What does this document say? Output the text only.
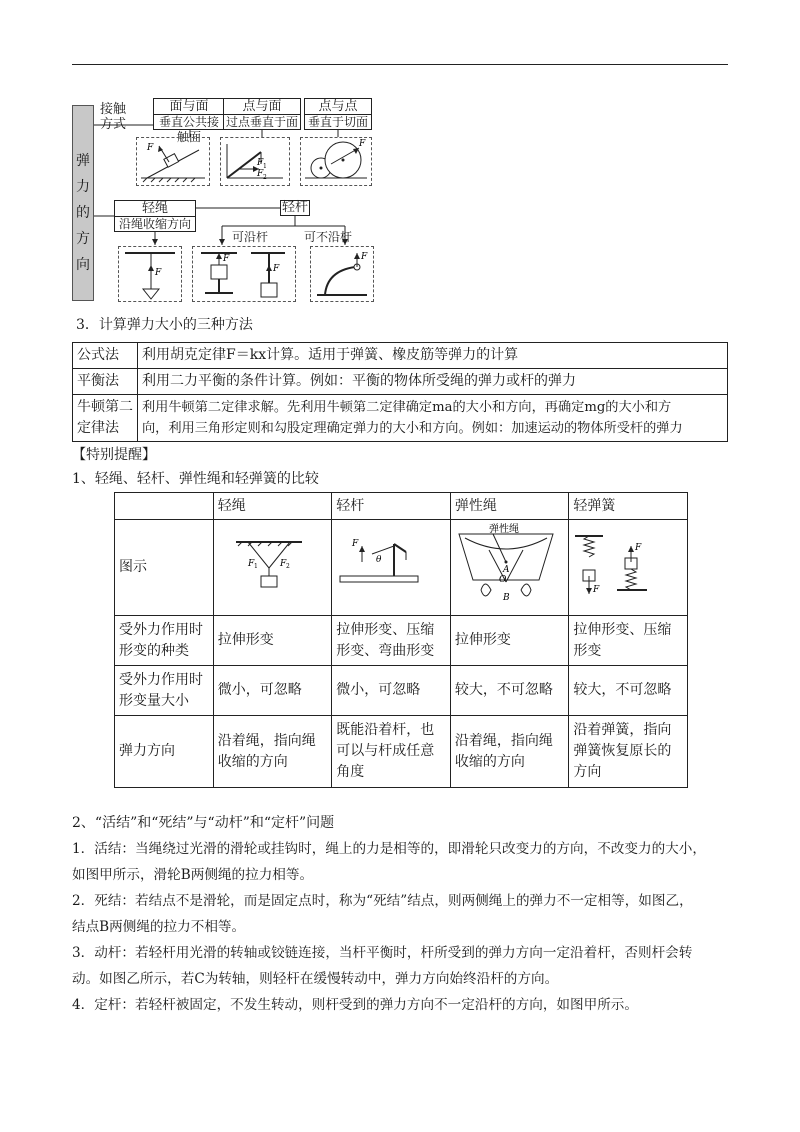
弹
力
的
方
向
接触
方式
面与面
垂直公共接触面
点与面
过点垂直于面
点与点
垂直于切面
F
F 1
F 2
F
轻绳
沿绳收缩方向
轻杆
可沿杆	可不沿杆
F
F
F
F
3．计算弹力大小的三种方法
公式法	利用胡克定律F＝kx计算。适用于弹簧、橡皮筋等弹力的计算
平衡法	利用二力平衡的条件计算。例如：平衡的物体所受绳的弹力或杆的弹力
牛顿第二
定律法	利用牛顿第二定律求解。先利用牛顿第二定律确定ma的大小和方向，再确定mg的大小和方
向，利用三角形定则和勾股定理确定弹力的大小和方向。例如：加速运动的物体所受杆的弹力
【特别提醒】
1、轻绳、轻杆、弹性绳和轻弹簧的比较
	轻绳	轻杆	弹性绳	轻弹簧
图示	F 1 F 2	F
θ	弹性绳
A
O
B	F
F

受外力作用时形变的种类	拉伸形变	拉伸形变、压缩形变、弯曲形变	拉伸形变	拉伸形变、压缩形变
受外力作用时形变量大小	微小，可忽略	微小，可忽略	较大，不可忽略	较大，不可忽略
弹力方向	沿着绳，指向绳收缩的方向	既能沿着杆，也可以与杆成任意角度	沿着绳，指向绳收缩的方向	沿着弹簧，指向弹簧恢复原长的方向
2、“活结”和“死结”与“动杆”和“定杆”问题
1．活结：当绳绕过光滑的滑轮或挂钩时，绳上的力是相等的，即滑轮只改变力的方向，不改变力的大小，
如图甲所示，滑轮B两侧绳的拉力相等。
2．死结：若结点不是滑轮，而是固定点时，称为“死结”结点，则两侧绳上的弹力不一定相等，如图乙，
结点B两侧绳的拉力不相等。
3．动杆：若轻杆用光滑的转轴或铰链连接，当杆平衡时，杆所受到的弹力方向一定沿着杆，否则杆会转
动。如图乙所示，若C为转轴，则轻杆在缓慢转动中，弹力方向始终沿杆的方向。
4．定杆：若轻杆被固定，不发生转动，则杆受到的弹力方向不一定沿杆的方向，如图甲所示。
